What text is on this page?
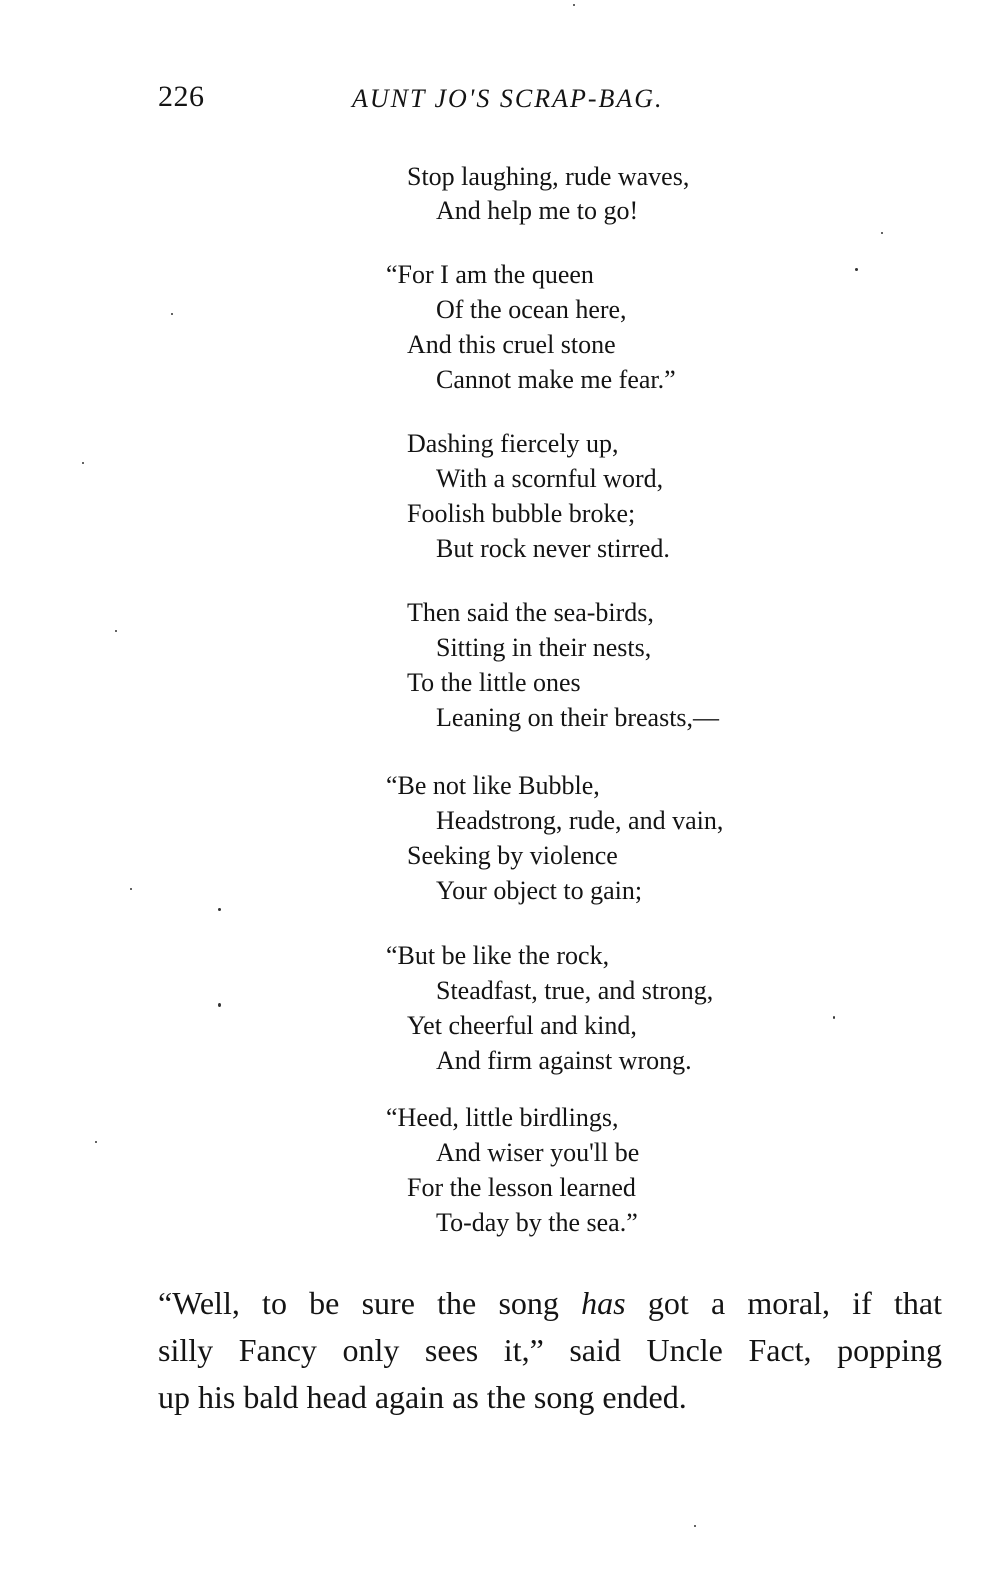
226	AUNT JO'S SCRAP-BAG.
Stop laughing, rude waves,
And help me to go!
“For I am the queen
Of the ocean here,
And this cruel stone
Cannot make me fear.”
Dashing fiercely up,
With a scornful word,
Foolish bubble broke;
But rock never stirred.
Then said the sea-birds,
Sitting in their nests,
To the little ones
Leaning on their breasts,—
“Be not like Bubble,
Headstrong, rude, and vain,
Seeking by violence
Your object to gain;
“But be like the rock,
Steadfast, true, and strong,
Yet cheerful and kind,
And firm against wrong.
“Heed, little birdlings,
And wiser you'll be
For the lesson learned
To-day by the sea.”
“Well, to be sure the song has got a moral, if that
silly Fancy only sees it,” said Uncle Fact, popping
up his bald head again as the song ended.
